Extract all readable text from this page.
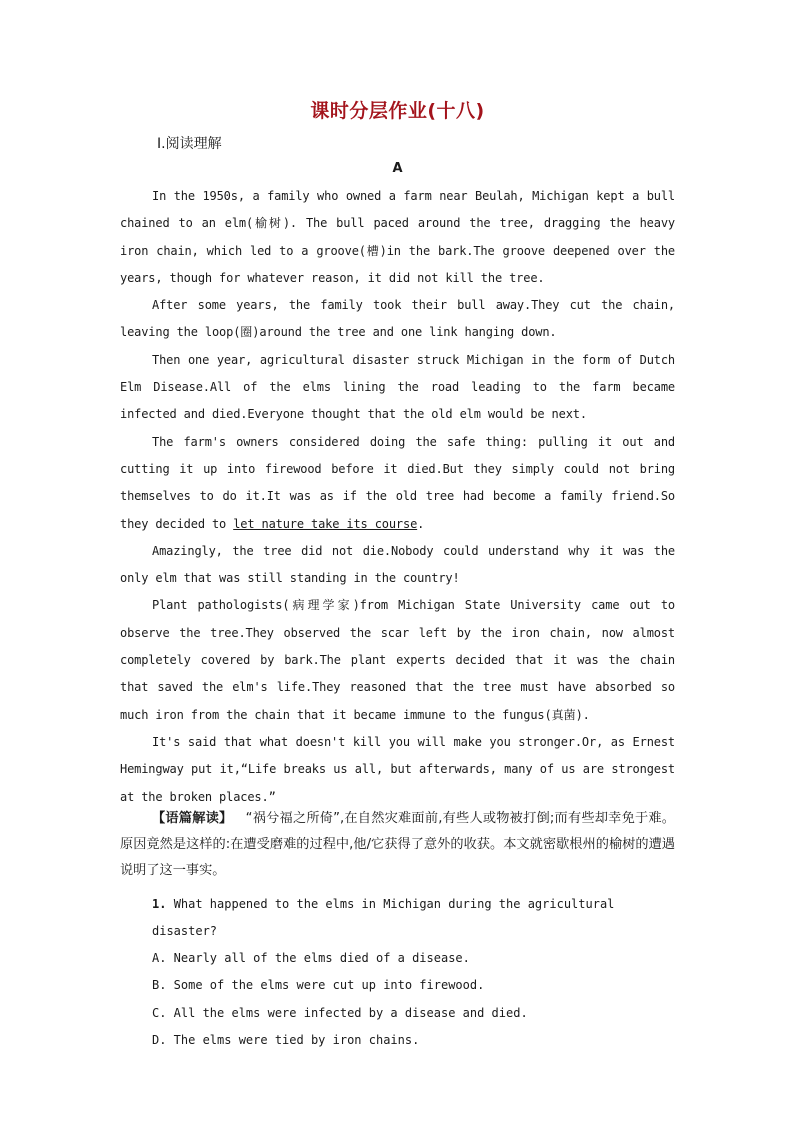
课时分层作业(十八)
Ⅰ.阅读理解
A

In the 1950s, a family who owned a farm near Beulah, Michigan kept a bull chained to an elm(榆树). The bull paced around the tree, dragging the heavy iron chain, which led to a groove(槽)in the bark.The groove deepened over the years, though for whatever reason, it did not kill the tree.

After some years, the family took their bull away.They cut the chain, leaving the loop(圈)around the tree and one link hanging down.

Then one year, agricultural disaster struck Michigan in the form of Dutch Elm Disease.All of the elms lining the road leading to the farm became infected and died.Everyone thought that the old elm would be next.

The farm's owners considered doing the safe thing: pulling it out and cutting it up into firewood before it died.But they simply could not bring themselves to do it.It was as if the old tree had become a family friend.So they decided to let nature take its course.

Amazingly, the tree did not die.Nobody could understand why it was the only elm that was still standing in the country!

Plant pathologists(病理学家)from Michigan State University came out to observe the tree.They observed the scar left by the iron chain, now almost completely covered by bark.The plant experts decided that it was the chain that saved the elm's life.They reasoned that the tree must have absorbed so much iron from the chain that it became immune to the fungus(真菌).

It's said that what doesn't kill you will make you stronger.Or, as Ernest Hemingway put it,“Life breaks us all, but afterwards, many of us are strongest at the broken places.”

【语篇解读】 “祸兮福之所倚”,在自然灾难面前,有些人或物被打倒;而有些却幸免于难。原因竟然是这样的:在遭受磨难的过程中,他/它获得了意外的收获。本文就密歇根州的榆树的遭遇说明了这一事实。

1. What happened to the elms in Michigan during the agricultural disaster?

A. Nearly all of the elms died of a disease.

B. Some of the elms were cut up into firewood.

C. All the elms were infected by a disease and died.

D. The elms were tied by iron chains.
